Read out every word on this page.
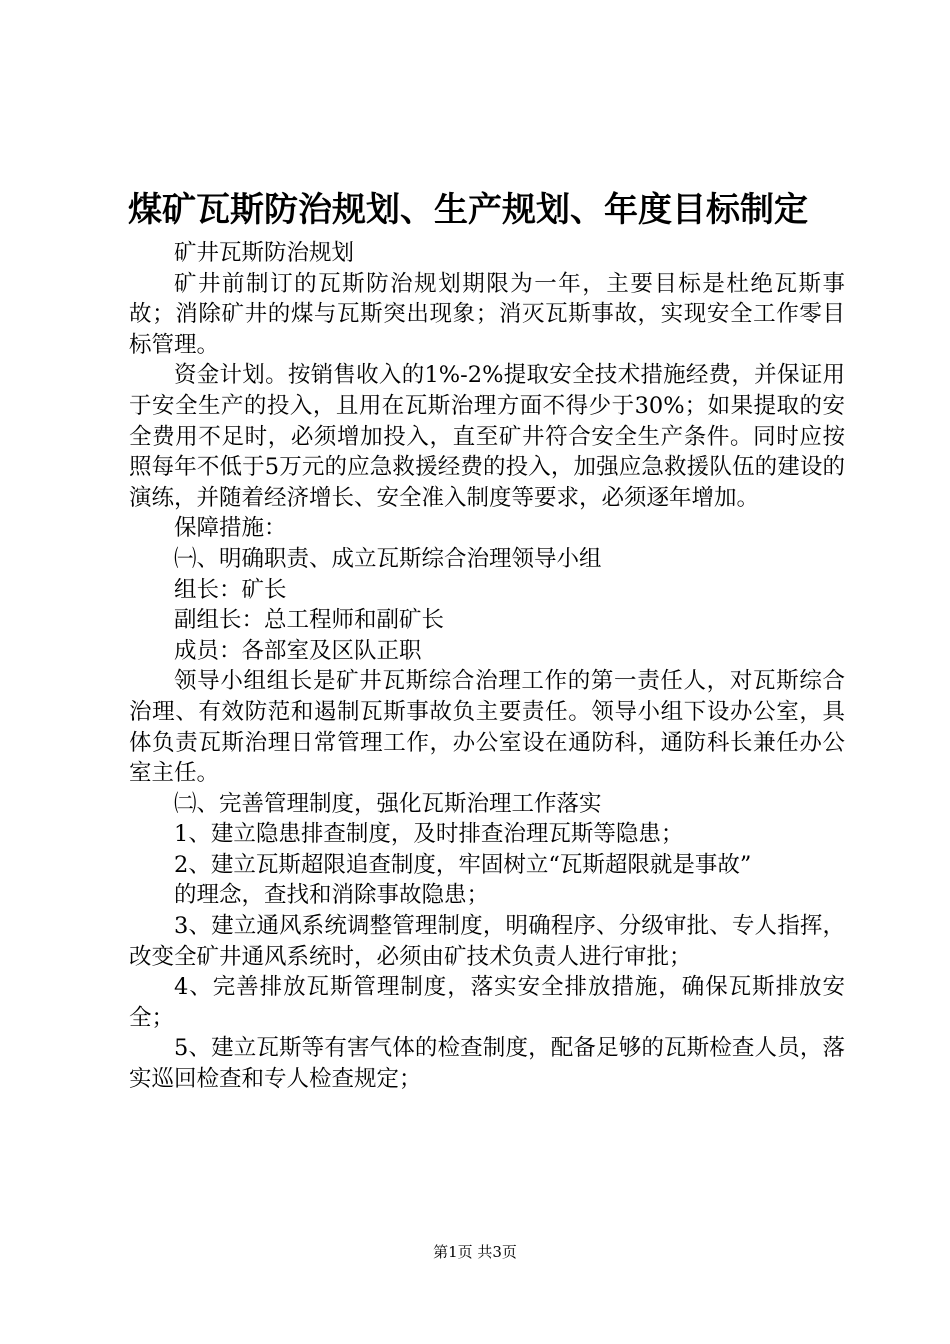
煤矿瓦斯防治规划、生产规划、年度目标制定

矿井瓦斯防治规划

矿井前制订的瓦斯防治规划期限为一年，主要目标是杜绝瓦斯事故；消除矿井的煤与瓦斯突出现象；消灭瓦斯事故，实现安全工作零目标管理。

资金计划。按销售收入的1%-2%提取安全技术措施经费，并保证用于安全生产的投入，且用在瓦斯治理方面不得少于30%；如果提取的安全费用不足时，必须增加投入，直至矿井符合安全生产条件。同时应按照每年不低于5万元的应急救援经费的投入，加强应急救援队伍的建设的演练，并随着经济增长、安全准入制度等要求，必须逐年增加。

保障措施：

㈠、明确职责、成立瓦斯综合治理领导小组

组长：矿长

副组长：总工程师和副矿长

成员：各部室及区队正职

领导小组组长是矿井瓦斯综合治理工作的第一责任人，对瓦斯综合治理、有效防范和遏制瓦斯事故负主要责任。领导小组下设办公室，具体负责瓦斯治理日常管理工作，办公室设在通防科，通防科长兼任办公室主任。

㈡、完善管理制度，强化瓦斯治理工作落实

1、建立隐患排查制度，及时排查治理瓦斯等隐患；

2、建立瓦斯超限追查制度，牢固树立“瓦斯超限就是事故”

的理念，查找和消除事故隐患；

3、建立通风系统调整管理制度，明确程序、分级审批、专人指挥，改变全矿井通风系统时，必须由矿技术负责人进行审批；

4、完善排放瓦斯管理制度，落实安全排放措施，确保瓦斯排放安全；

5、建立瓦斯等有害气体的检查制度，配备足够的瓦斯检查人员，落实巡回检查和专人检查规定；

第1页 共3页
